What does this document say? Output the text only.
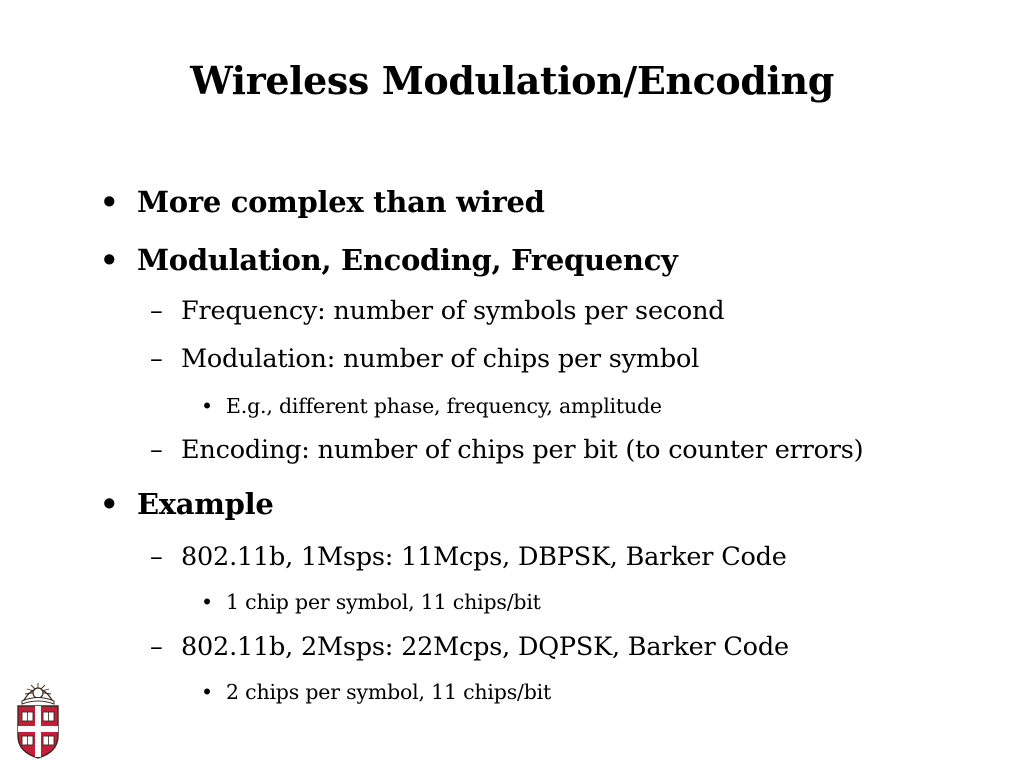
Wireless Modulation/Encoding
• More complex than wired
• Modulation, Encoding, Frequency
– Frequency: number of symbols per second
– Modulation: number of chips per symbol
• E.g., different phase, frequency, amplitude
– Encoding: number of chips per bit (to counter errors)
• Example
– 802.11b, 1Msps: 11Mcps, DBPSK, Barker Code
• 1 chip per symbol, 11 chips/bit
– 802.11b, 2Msps: 22Mcps, DQPSK, Barker Code
• 2 chips per symbol, 11 chips/bit
